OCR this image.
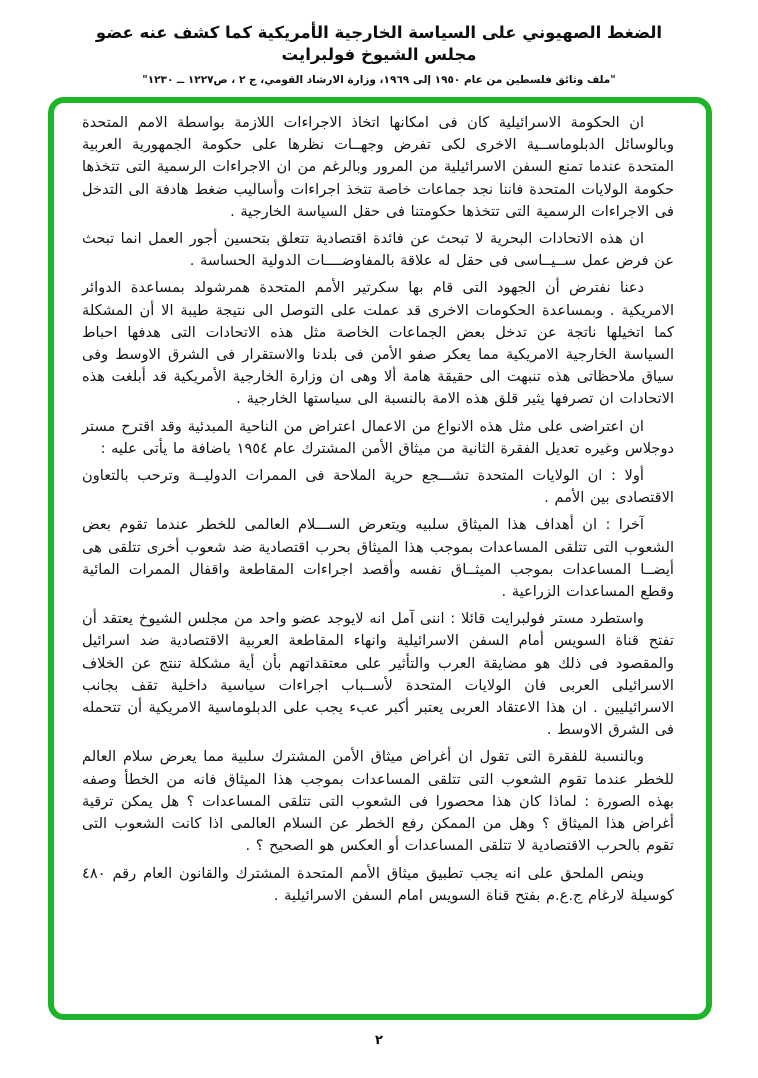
الضغط الصهيوني على السياسة الخارجية الأمريكية كما كشف عنه عضو مجلس الشيوخ فولبرايت
"ملف وثائق فلسطين من عام ١٩٥٠ إلى ١٩٦٩، وزارة الارشاد القومي، ج ٢ ، ص١٢٢٧ ــ ١٢٣٠"

ان الحكومة الاسرائيلية كان فى امكانها اتخاذ الاجراءات اللازمة بواسطة الامم المتحدة وبالوسائل الدبلوماســية الاخرى لكى تفرض وجهــات نظرها على حكومة الجمهورية العربية المتحدة عندما تمنع السفن الاسرائيلية من المرور وبالرغم من ان الاجراءات الرسمية التى تتخذها حكومة الولايات المتحدة فاننا نجد جماعات خاصة تتخذ اجراءات وأساليب ضغط هادفة الى التدخل فى الاجراءات الرسمية التى تتخذها حكومتنا فى حقل السياسة الخارجية .

ان هذه الاتحادات البحرية لا تبحث عن فائدة اقتصادية تتعلق بتحسين أجور العمل انما تبحث عن فرض عمل ســيــاسى فى حقل له علاقة بالمفاوضــــات الدولية الحساسة .

دعنا نفترض أن الجهود التى قام بها سكرتير الأمم المتحدة همرشولد بمساعدة الدوائر الامريكية . وبمساعدة الحكومات الاخرى قد عملت على التوصل الى نتيجة طيبة الا أن المشكلة كما اتخيلها ناتجة عن تدخل بعض الجماعات الخاصة مثل هذه الاتحادات التى هدفها احباط السياسة الخارجية الامريكية مما يعكر صفو الأمن فى بلدنا والاستقرار فى الشرق الاوسط وفى سياق ملاحظاتى هذه تنبهت الى حقيقة هامة ألا وهى ان وزارة الخارجية الأمريكية قد أبلغت هذه الاتحادات ان تصرفها يثير قلق هذه الامة بالنسبة الى سياستها الخارجية .

ان اعتراضى على مثل هذه الانواع من الاعمال اعتراض من الناحية المبدئية وقد اقترح مستر دوجلاس وغيره تعديل الفقرة الثانية من ميثاق الأمن المشترك عام ١٩٥٤ باضافة ما يأتى عليه :

أولا : ان الولايات المتحدة تشـــجع حرية الملاحة فى الممرات الدوليــة وترحب بالتعاون الاقتصادى بين الأمم .

آخرا : ان أهداف هذا الميثاق سلبيه ويتعرض الســـلام العالمى للخطر عندما تقوم بعض الشعوب التى تتلقى المساعدات بموجب هذا الميثاق بحرب اقتصادية ضد شعوب أخرى تتلقى هى أيضــا المساعدات بموجب الميثــاق نفسه وأقصد اجراءات المقاطعة واقفال الممرات المائية وقطع المساعدات الزراعية .

واستطرد مستر فولبرايت قائلا : اننى آمل انه لايوجد عضو واحد من مجلس الشيوخ يعتقد أن تفتح قناة السويس أمام السفن الاسرائيلية وانهاء المقاطعة العربية الاقتصادية ضد اسرائيل والمقصود فى ذلك هو مضايقة العرب والتأثير على معتقداتهم بأن أية مشكلة تنتج عن الخلاف الاسرائيلى العربى فان الولايات المتحدة لأســباب اجراءات سياسية داخلية تقف بجانب الاسرائيليين . ان هذا الاعتقاد العربى يعتبر أكبر عبء يجب على الدبلوماسية الامريكية أن تتحمله فى الشرق الاوسط .

وبالنسبة للفقرة التى تقول ان أغراض ميثاق الأمن المشترك سلبية مما يعرض سلام العالم للخطر عندما تقوم الشعوب التى تتلقى المساعدات بموجب هذا الميثاق فانه من الخطأ وصفه بهذه الصورة : لماذا كان هذا محصورا فى الشعوب التى تتلقى المساعدات ؟ هل يمكن ترقية أغراض هذا الميثاق ؟ وهل من الممكن رفع الخطر عن السلام العالمى اذا كانت الشعوب التى تقوم بالحرب الاقتصادية لا تتلقى المساعدات أو العكس هو الصحيح ؟ .

وينص الملحق على انه يجب تطبيق ميثاق الأمم المتحدة المشترك والقانون العام رقم ٤٨٠ كوسيلة لارغام ج.ع.م بفتح قناة السويس امام السفن الاسرائيلية .

٢
